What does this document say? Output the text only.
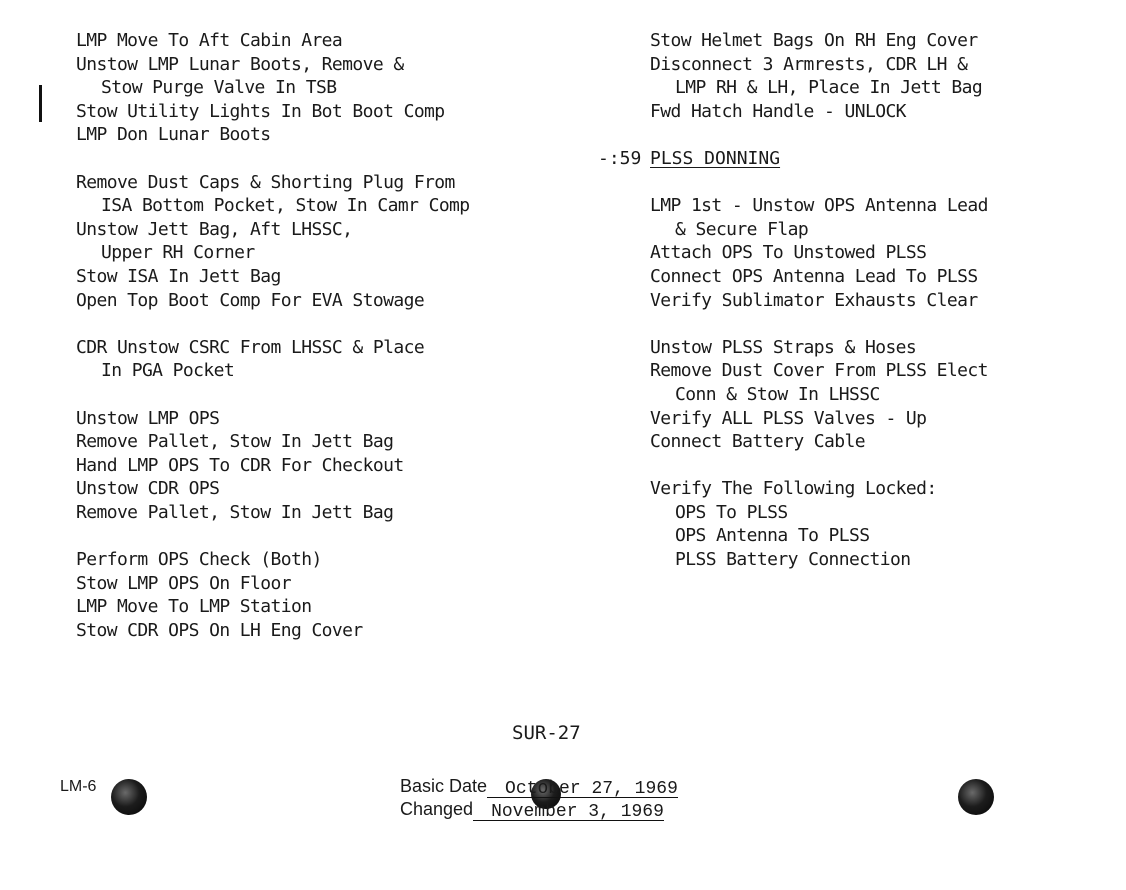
LMP Move To Aft Cabin Area
Unstow LMP Lunar Boots, Remove &
Stow Purge Valve In TSB
Stow Utility Lights In Bot Boot Comp
LMP Don Lunar Boots
Remove Dust Caps & Shorting Plug From
ISA Bottom Pocket, Stow In Camr Comp
Unstow Jett Bag, Aft LHSSC,
Upper RH Corner
Stow ISA In Jett Bag
Open Top Boot Comp For EVA Stowage
CDR Unstow CSRC From LHSSC & Place
In PGA Pocket
Unstow LMP OPS
Remove Pallet, Stow In Jett Bag
Hand LMP OPS To CDR For Checkout
Unstow CDR OPS
Remove Pallet, Stow In Jett Bag
Perform OPS Check (Both)
Stow LMP OPS On Floor
LMP Move To LMP Station
Stow CDR OPS On LH Eng Cover
Stow Helmet Bags On RH Eng Cover
Disconnect 3 Armrests, CDR LH &
LMP RH & LH, Place In Jett Bag
Fwd Hatch Handle - UNLOCK
-:59 PLSS DONNING
LMP 1st - Unstow OPS Antenna Lead
& Secure Flap
Attach OPS To Unstowed PLSS
Connect OPS Antenna Lead To PLSS
Verify Sublimator Exhausts Clear
Unstow PLSS Straps & Hoses
Remove Dust Cover From PLSS Elect
Conn & Stow In LHSSC
Verify ALL PLSS Valves - Up
Connect Battery Cable
Verify The Following Locked:
OPS To PLSS
OPS Antenna To PLSS
PLSS Battery Connection
SUR-27
LM-6	Basic Date	October 27, 1969
Changed	November 3, 1969
